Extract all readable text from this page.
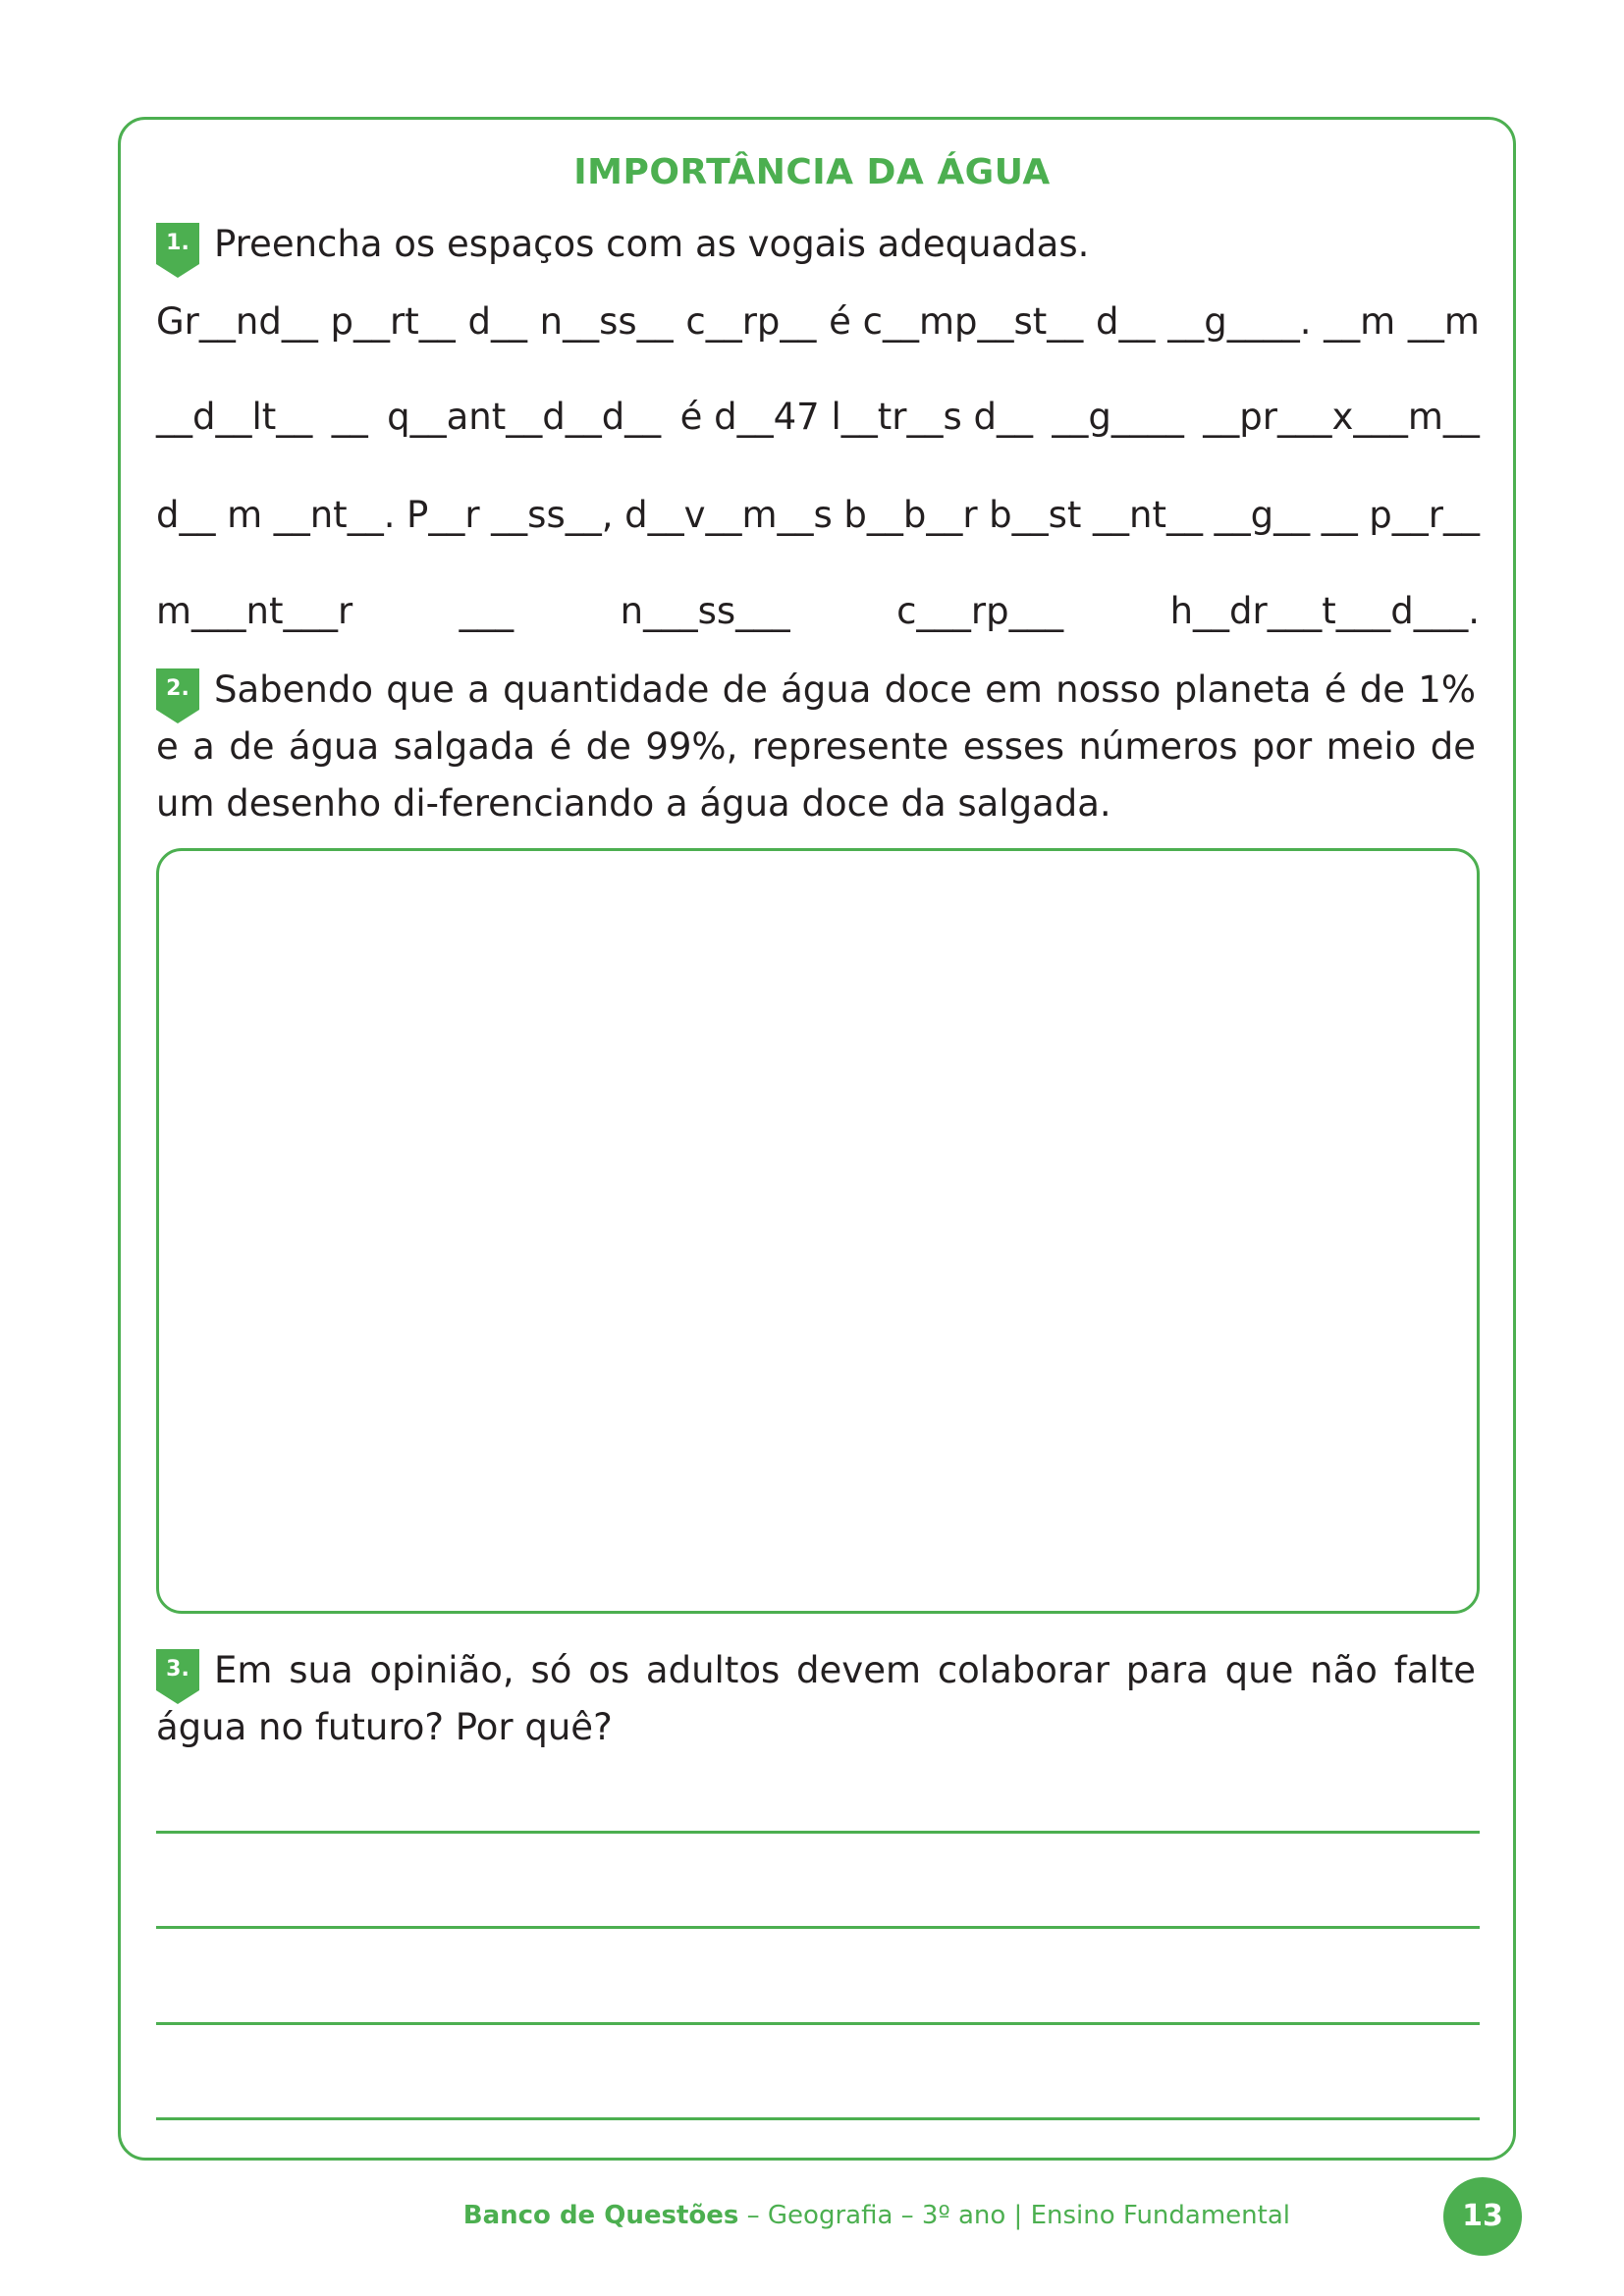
IMPORTÂNCIA DA ÁGUA
1. Preencha os espaços com as vogais adequadas.
Gr__nd__ p__rt__ d__ n__ss__ c__rp__ é c__mp__st__ d__ __g____. __m __m
__d__lt__ __ q__ant__d__d__ é d__47 l__tr__s d__ __g____ __pr___x___m__
d__ m __nt__. P__r __ss__, d__v__m__s b__b__r b__st __nt__ __g__ __ p__r__
m___nt___r	___	n___ss___	c___rp___	h__dr___t___d___.
2. Sabendo que a quantidade de água doce em nosso planeta é de 1% e a de água salgada é de 99%, represente esses números por meio de um desenho di-ferenciando a água doce da salgada.
3. Em sua opinião, só os adultos devem colaborar para que não falte água no futuro? Por quê?
Banco de Questões – Geografia – 3º ano | Ensino Fundamental	13
